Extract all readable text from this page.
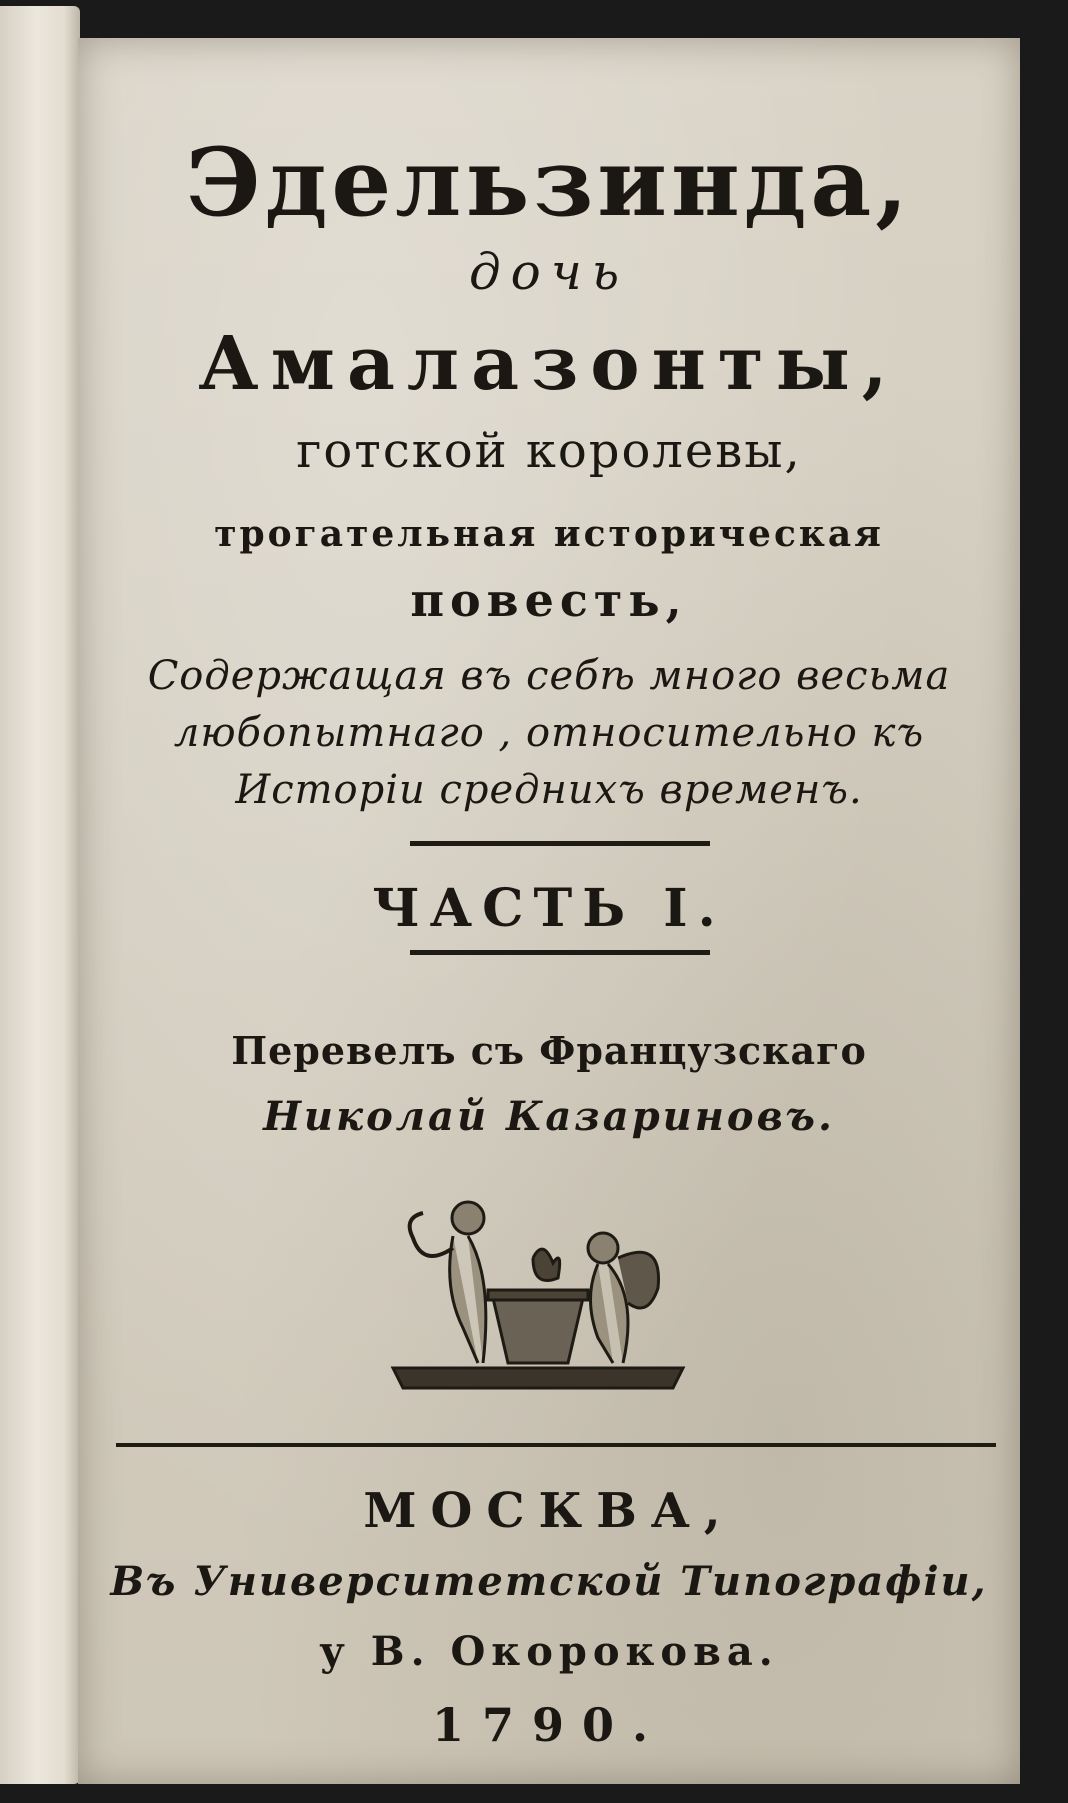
Эдельзинда,
дочь
Амалазонты,
готской королевы,
трогательная историческая
повесть,
Содержащая въ себѣ много весьма
любопытнаго , относительно къ
Исторіи среднихъ временъ.
ЧАСТЬ I.
Перевелъ съ Французскаго
Николай Казариновъ.
МОСКВА,
Въ Университетской Типографіи,
у В. Окорокова.
1790.
